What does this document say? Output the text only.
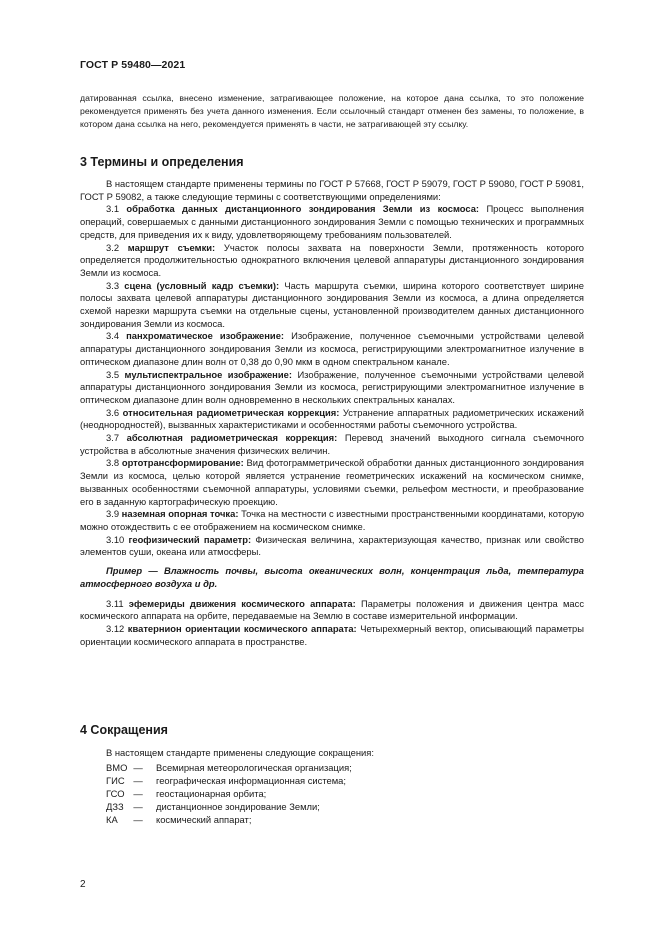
ГОСТ Р 59480—2021
датированная ссылка, внесено изменение, затрагивающее положение, на которое дана ссылка, то это положение рекомендуется применять без учета данного изменения. Если ссылочный стандарт отменен без замены, то положение, в котором дана ссылка на него, рекомендуется применять в части, не затрагивающей эту ссылку.
3 Термины и определения

В настоящем стандарте применены термины по ГОСТ Р 57668, ГОСТ Р 59079, ГОСТ Р 59080, ГОСТ Р 59081, ГОСТ Р 59082, а также следующие термины с соответствующими определениями:

3.1 обработка данных дистанционного зондирования Земли из космоса: Процесс выполнения операций, совершаемых с данными дистанционного зондирования Земли с помощью технических и программных средств, для приведения их к виду, удовлетворяющему требованиям пользователей.

3.2 маршрут съемки: Участок полосы захвата на поверхности Земли, протяженность которого определяется продолжительностью однократного включения целевой аппаратуры дистанционного зондирования Земли из космоса.

3.3 сцена (условный кадр съемки): Часть маршрута съемки, ширина которого соответствует ширине полосы захвата целевой аппаратуры дистанционного зондирования Земли из космоса, а длина определяется схемой нарезки маршрута съемки на отдельные сцены, установленной производителем данных дистанционного зондирования Земли из космоса.

3.4 панхроматическое изображение: Изображение, полученное съемочными устройствами целевой аппаратуры дистанционного зондирования Земли из космоса, регистрирующими электромагнитное излучение в оптическом диапазоне длин волн от 0,38 до 0,90 мкм в одном спектральном канале.

3.5 мультиспектральное изображение: Изображение, полученное съемочными устройствами целевой аппаратуры дистанционного зондирования Земли из космоса, регистрирующими электромагнитное излучение в оптическом диапазоне длин волн одновременно в нескольких спектральных каналах.

3.6 относительная радиометрическая коррекция: Устранение аппаратных радиометрических искажений (неоднородностей), вызванных характеристиками и особенностями работы съемочного устройства.

3.7 абсолютная радиометрическая коррекция: Перевод значений выходного сигнала съемочного устройства в абсолютные значения физических величин.

3.8 ортотрансформирование: Вид фотограмметрической обработки данных дистанционного зондирования Земли из космоса, целью которой является устранение геометрических искажений на космическом снимке, вызванных особенностями съемочной аппаратуры, условиями съемки, рельефом местности, и преобразование его в заданную картографическую проекцию.

3.9 наземная опорная точка: Точка на местности с известными пространственными координатами, которую можно отождествить с ее отображением на космическом снимке.

3.10 геофизический параметр: Физическая величина, характеризующая качество, признак или свойство элементов суши, океана или атмосферы.

Пример — Влажность почвы, высота океанических волн, концентрация льда, температура атмосферного воздуха и др.

3.11 эфемериды движения космического аппарата: Параметры положения и движения центра масс космического аппарата на орбите, передаваемые на Землю в составе измерительной информации.

3.12 кватернион ориентации космического аппарата: Четырехмерный вектор, описывающий параметры ориентации космического аппарата в пространстве.

4 Сокращения

В настоящем стандарте применены следующие сокращения:

ВМО —	Всемирная метеорологическая организация;
ГИС —	географическая информационная система;
ГСО —	геостационарная орбита;
ДЗЗ	—	дистанционное зондирование Земли;
КА	—	космический аппарат;
2
